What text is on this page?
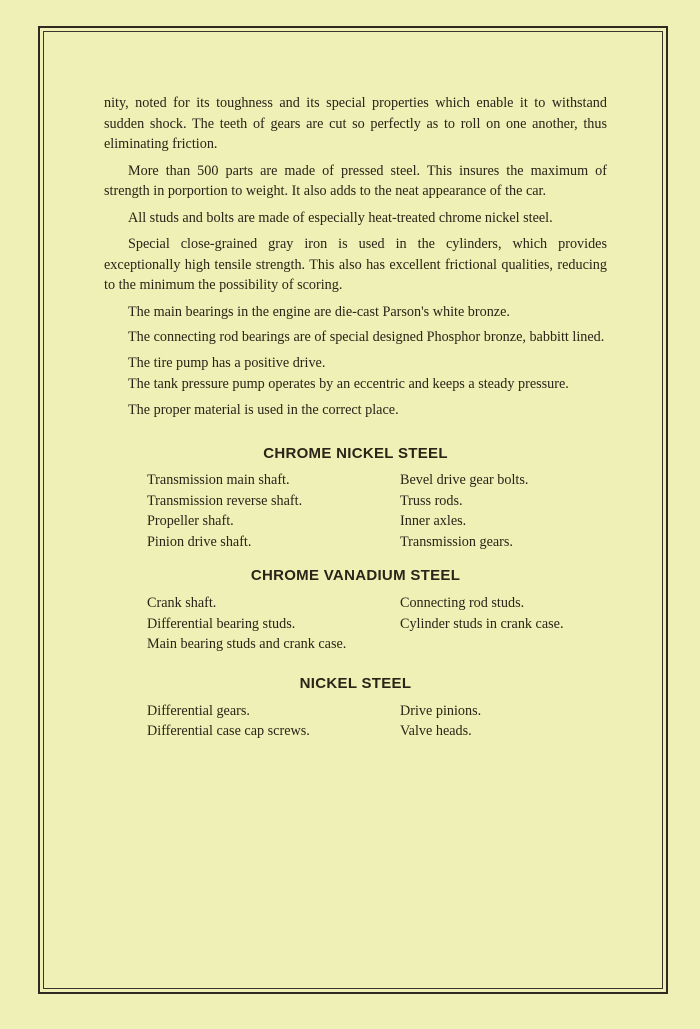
nity, noted for its toughness and its special properties which enable it to withstand sudden shock. The teeth of gears are cut so perfectly as to roll on one another, thus eliminating friction.

More than 500 parts are made of pressed steel. This insures the maximum of strength in porportion to weight. It also adds to the neat appearance of the car.

All studs and bolts are made of especially heat-treated chrome nickel steel.

Special close-grained gray iron is used in the cylinders, which provides exceptionally high tensile strength. This also has excellent frictional qualities, reducing to the minimum the possibility of scoring.

The main bearings in the engine are die-cast Parson's white bronze.

The connecting rod bearings are of special designed Phosphor bronze, babbitt lined.

The tire pump has a positive drive.

The tank pressure pump operates by an eccentric and keeps a steady pressure.

The proper material is used in the correct place.

CHROME NICKEL STEEL
Transmission main shaft.	Bevel drive gear bolts.
Transmission reverse shaft.	Truss rods.
Propeller shaft.	Inner axles.
Pinion drive shaft.	Transmission gears.
CHROME VANADIUM STEEL
Crank shaft.	Connecting rod studs.
Differential bearing studs.	Cylinder studs in crank case.
Main bearing studs and crank case.
NICKEL STEEL
Differential gears.	Drive pinions.
Differential case cap screws.	Valve heads.
